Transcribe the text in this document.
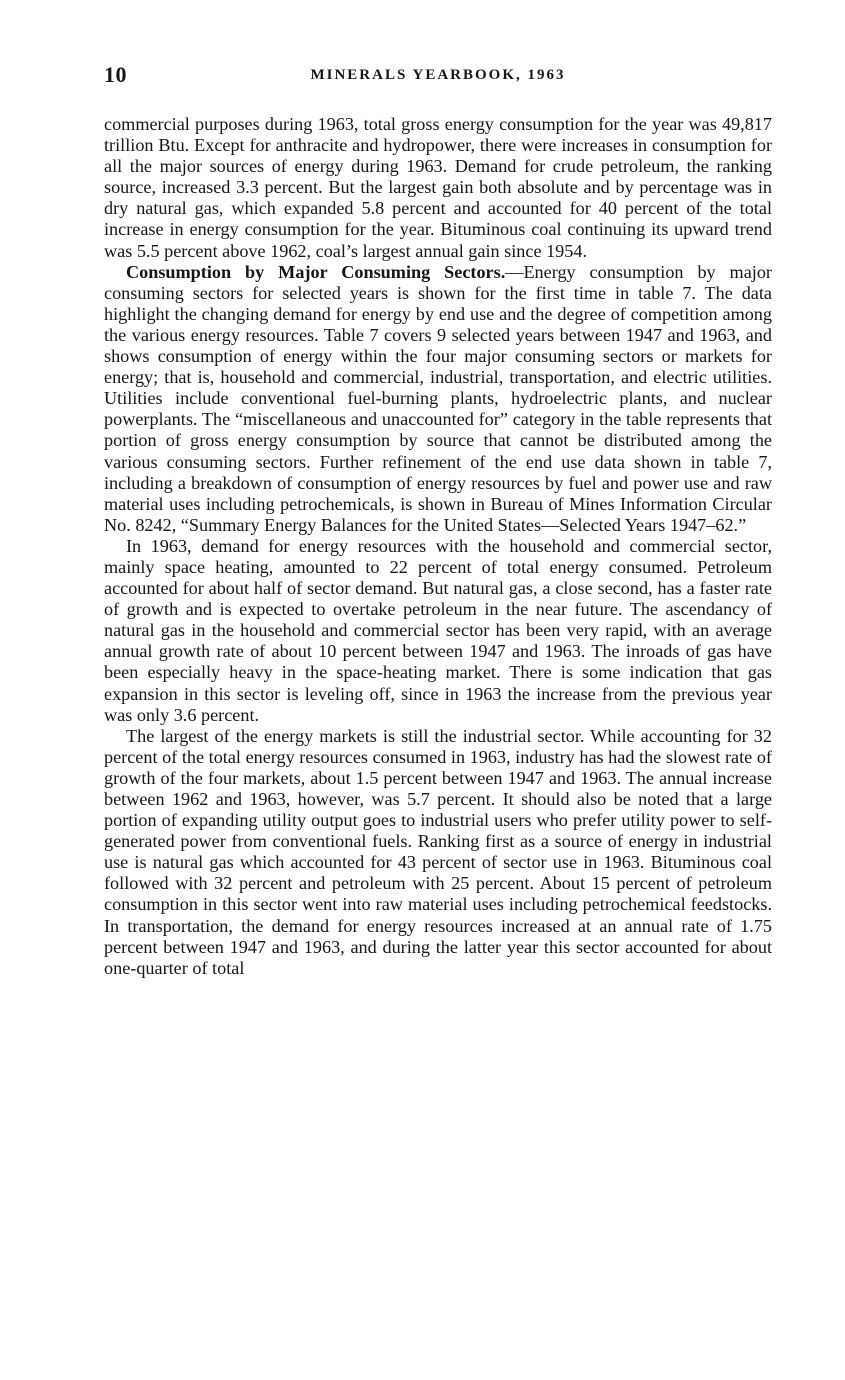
10	MINERALS YEARBOOK, 1963

commercial purposes during 1963, total gross energy consumption for the year was 49,817 trillion Btu. Except for anthracite and hydropower, there were increases in consumption for all the major sources of energy during 1963. Demand for crude petroleum, the ranking source, increased 3.3 percent. But the largest gain both absolute and by percentage was in dry natural gas, which expanded 5.8 percent and accounted for 40 percent of the total increase in energy consumption for the year. Bituminous coal continuing its upward trend was 5.5 percent above 1962, coal’s largest annual gain since 1954.

Consumption by Major Consuming Sectors.—Energy consumption by major consuming sectors for selected years is shown for the first time in table 7. The data highlight the changing demand for energy by end use and the degree of competition among the various energy resources. Table 7 covers 9 selected years between 1947 and 1963, and shows consumption of energy within the four major consuming sectors or markets for energy; that is, household and commercial, industrial, transportation, and electric utilities. Utilities include conventional fuel-burning plants, hydroelectric plants, and nuclear powerplants. The “miscellaneous and unaccounted for” category in the table represents that portion of gross energy consumption by source that cannot be distributed among the various consuming sectors. Further refinement of the end use data shown in table 7, including a breakdown of consumption of energy resources by fuel and power use and raw material uses including petrochemicals, is shown in Bureau of Mines Information Circular No. 8242, “Summary Energy Balances for the United States—Selected Years 1947–62.”

In 1963, demand for energy resources with the household and commercial sector, mainly space heating, amounted to 22 percent of total energy consumed. Petroleum accounted for about half of sector demand. But natural gas, a close second, has a faster rate of growth and is expected to overtake petroleum in the near future. The ascendancy of natural gas in the household and commercial sector has been very rapid, with an average annual growth rate of about 10 percent between 1947 and 1963. The inroads of gas have been especially heavy in the space-heating market. There is some indication that gas expansion in this sector is leveling off, since in 1963 the increase from the previous year was only 3.6 percent.

The largest of the energy markets is still the industrial sector. While accounting for 32 percent of the total energy resources consumed in 1963, industry has had the slowest rate of growth of the four markets, about 1.5 percent between 1947 and 1963. The annual increase between 1962 and 1963, however, was 5.7 percent. It should also be noted that a large portion of expanding utility output goes to industrial users who prefer utility power to self-generated power from conventional fuels. Ranking first as a source of energy in industrial use is natural gas which accounted for 43 percent of sector use in 1963. Bituminous coal followed with 32 percent and petroleum with 25 percent. About 15 percent of petroleum consumption in this sector went into raw material uses including petrochemical feedstocks. In transportation, the demand for energy resources increased at an annual rate of 1.75 percent between 1947 and 1963, and during the latter year this sector accounted for about one-quarter of total
